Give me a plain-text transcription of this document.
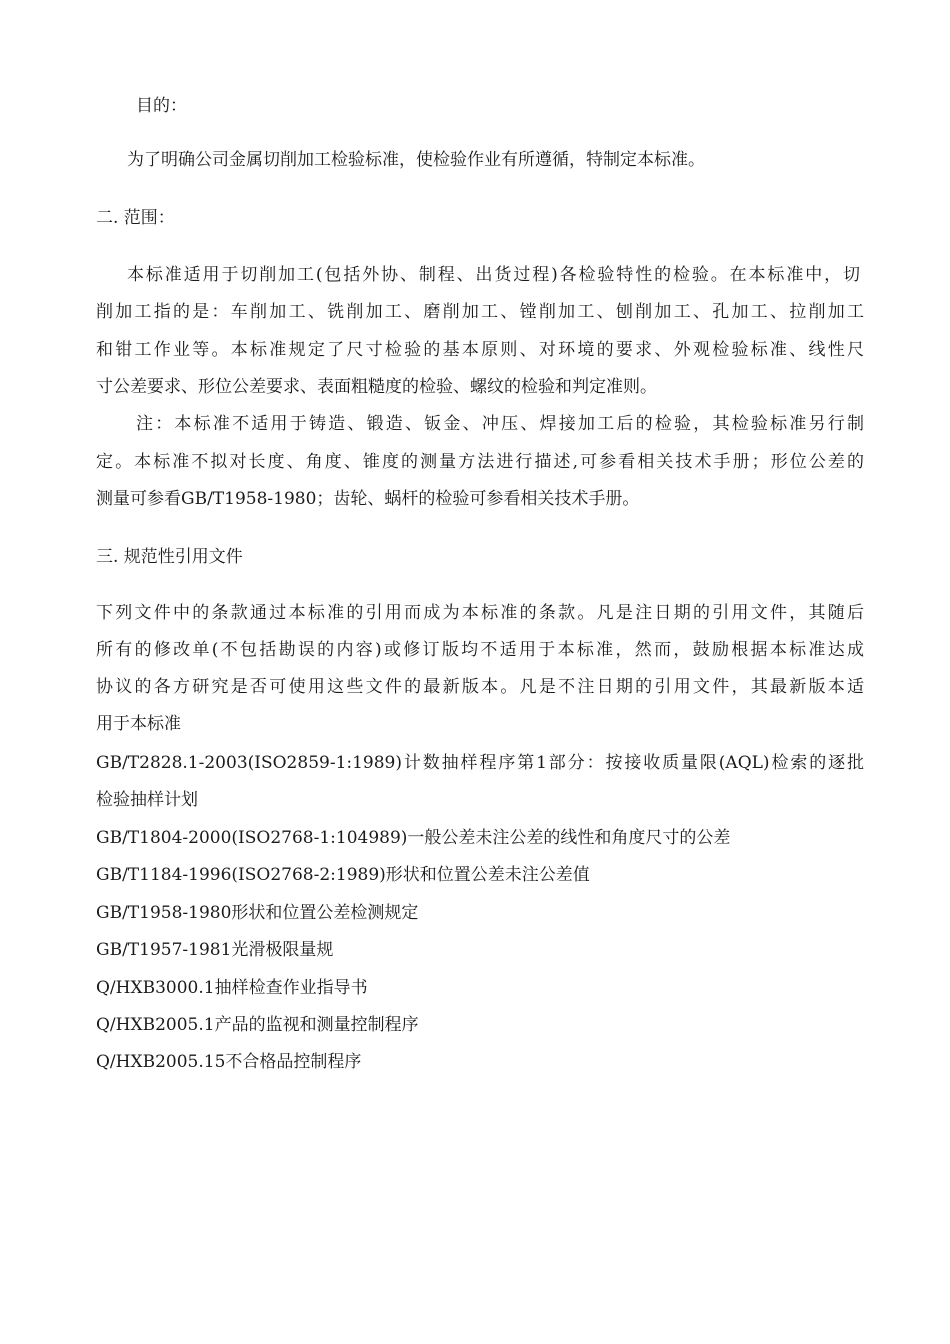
目的：
为了明确公司金属切削加工检验标准，使检验作业有所遵循，特制定本标准。
二. 范围：
本标准适用于切削加工(包括外协、制程、出货过程)各检验特性的检验。在本标准中，切
削加工指的是：车削加工、铣削加工、磨削加工、镗削加工、刨削加工、孔加工、拉削加工
和钳工作业等。本标准规定了尺寸检验的基本原则、对环境的要求、外观检验标准、线性尺
寸公差要求、形位公差要求、表面粗糙度的检验、螺纹的检验和判定准则。
注：本标准不适用于铸造、锻造、钣金、冲压、焊接加工后的检验，其检验标准另行制
定。本标准不拟对长度、角度、锥度的测量方法进行描述,可参看相关技术手册；形位公差的
测量可参看GB/T1958-1980；齿轮、蜗杆的检验可参看相关技术手册。
三. 规范性引用文件
下列文件中的条款通过本标准的引用而成为本标准的条款。凡是注日期的引用文件，其随后
所有的修改单(不包括勘误的内容)或修订版均不适用于本标准，然而，鼓励根据本标准达成
协议的各方研究是否可使用这些文件的最新版本。凡是不注日期的引用文件，其最新版本适
用于本标准
GB/T2828.1-2003(ISO2859-1:1989)计数抽样程序第1部分：按接收质量限(AQL)检索的逐批
检验抽样计划
GB/T1804-2000(ISO2768-1:104989)一般公差未注公差的线性和角度尺寸的公差
GB/T1184-1996(ISO2768-2:1989)形状和位置公差未注公差值
GB/T1958-1980形状和位置公差检测规定
GB/T1957-1981光滑极限量规
Q/HXB3000.1抽样检查作业指导书
Q/HXB2005.1产品的监视和测量控制程序
Q/HXB2005.15不合格品控制程序
